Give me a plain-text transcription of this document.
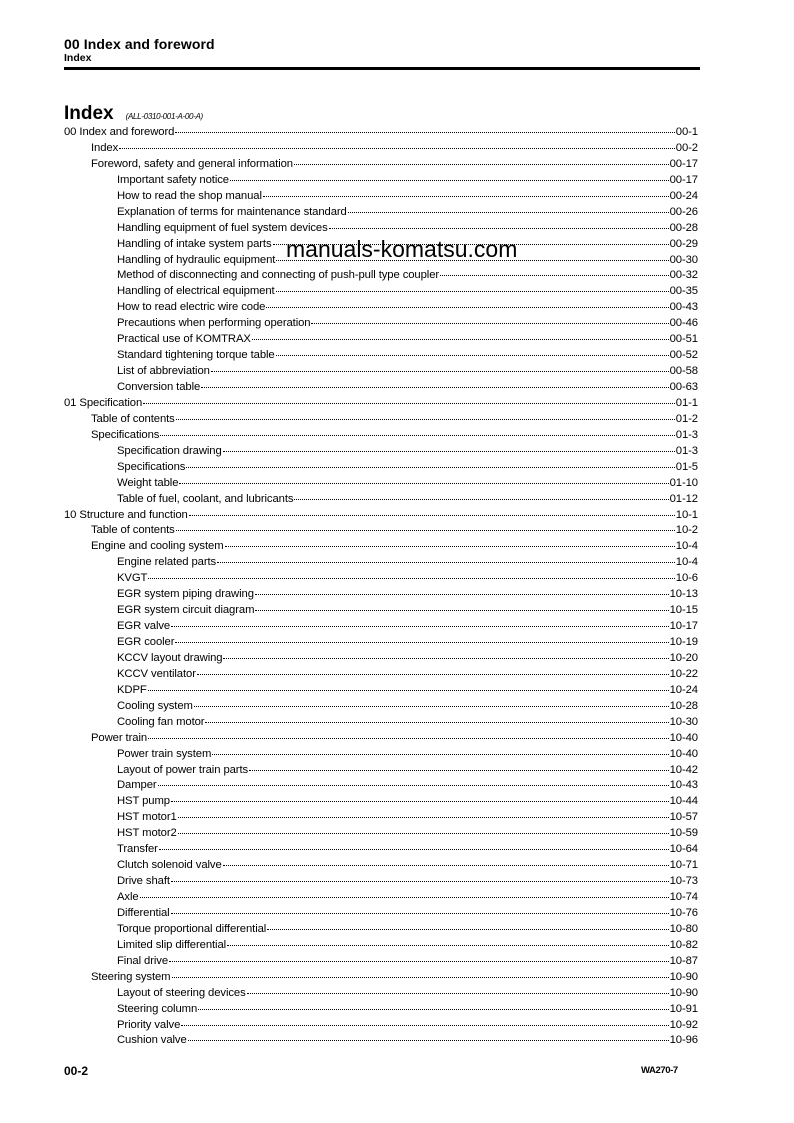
00 Index and foreword
Index
Index (ALL-0310-001-A-00-A)
00 Index and foreword	00-1
Index	00-2
Foreword, safety and general information	00-17
Important safety notice	00-17
How to read the shop manual	00-24
Explanation of terms for maintenance standard	00-26
Handling equipment of fuel system devices	00-28
Handling of intake system parts	00-29
Handling of hydraulic equipment	00-30
Method of disconnecting and connecting of push-pull type coupler	00-32
Handling of electrical equipment	00-35
How to read electric wire code	00-43
Precautions when performing operation	00-46
Practical use of KOMTRAX	00-51
Standard tightening torque table	00-52
List of abbreviation	00-58
Conversion table	00-63
01 Specification	01-1
Table of contents	01-2
Specifications	01-3
Specification drawing	01-3
Specifications	01-5
Weight table	01-10
Table of fuel, coolant, and lubricants	01-12
10 Structure and function	10-1
Table of contents	10-2
Engine and cooling system	10-4
Engine related parts	10-4
KVGT	10-6
EGR system piping drawing	10-13
EGR system circuit diagram	10-15
EGR valve	10-17
EGR cooler	10-19
KCCV layout drawing	10-20
KCCV ventilator	10-22
KDPF	10-24
Cooling system	10-28
Cooling fan motor	10-30
Power train	10-40
Power train system	10-40
Layout of power train parts	10-42
Damper	10-43
HST pump	10-44
HST motor1	10-57
HST motor2	10-59
Transfer	10-64
Clutch solenoid valve	10-71
Drive shaft	10-73
Axle	10-74
Differential	10-76
Torque proportional differential	10-80
Limited slip differential	10-82
Final drive	10-87
Steering system	10-90
Layout of steering devices	10-90
Steering column	10-91
Priority valve	10-92
Cushion valve	10-96
manuals-komatsu.com
00-2	WA270-7
